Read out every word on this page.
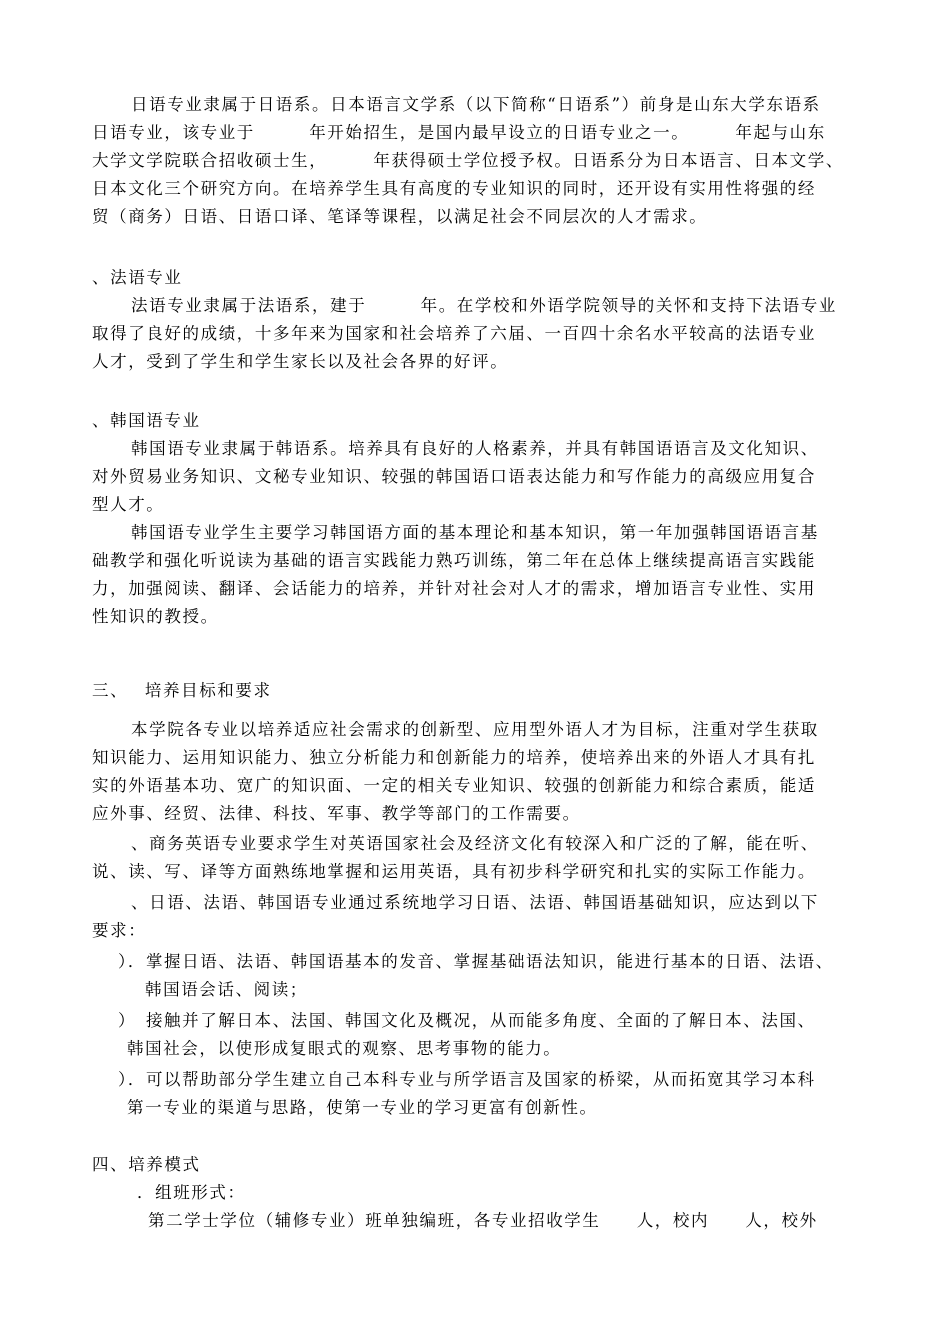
日语专业隶属于日语系。日本语言文学系（以下简称“日语系”）前身是山东大学东语系
日语专业，该专业于　　　年开始招生，是国内最早设立的日语专业之一。　　　年起与山东
大学文学院联合招收硕士生，　　　年获得硕士学位授予权。日语系分为日本语言、日本文学、
日本文化三个研究方向。在培养学生具有高度的专业知识的同时，还开设有实用性将强的经
贸（商务）日语、日语口译、笔译等课程，以满足社会不同层次的人才需求。
、法语专业
法语专业隶属于法语系，建于　　　年。在学校和外语学院领导的关怀和支持下法语专业
取得了良好的成绩，十多年来为国家和社会培养了六届、一百四十余名水平较高的法语专业
人才，受到了学生和学生家长以及社会各界的好评。
、韩国语专业
韩国语专业隶属于韩语系。培养具有良好的人格素养，并具有韩国语语言及文化知识、
对外贸易业务知识、文秘专业知识、较强的韩国语口语表达能力和写作能力的高级应用复合
型人才。
韩国语专业学生主要学习韩国语方面的基本理论和基本知识，第一年加强韩国语语言基
础教学和强化听说读为基础的语言实践能力熟巧训练，第二年在总体上继续提高语言实践能
力，加强阅读、翻译、会话能力的培养，并针对社会对人才的需求，增加语言专业性、实用
性知识的教授。
三、　 培养目标和要求
本学院各专业以培养适应社会需求的创新型、应用型外语人才为目标，注重对学生获取
知识能力、运用知识能力、独立分析能力和创新能力的培养，使培养出来的外语人才具有扎
实的外语基本功、宽广的知识面、一定的相关专业知识、较强的创新能力和综合素质，能适
应外事、经贸、法律、科技、军事、教学等部门的工作需要。
、商务英语专业要求学生对英语国家社会及经济文化有较深入和广泛的了解，能在听、
说、读、写、译等方面熟练地掌握和运用英语，具有初步科学研究和扎实的实际工作能力。
、日语、法语、韩国语专业通过系统地学习日语、法语、韩国语基础知识，应达到以下
要求：
）．掌握日语、法语、韩国语基本的发音、掌握基础语法知识，能进行基本的日语、法语、
韩国语会话、阅读；
）　接触并了解日本、法国、韩国文化及概况，从而能多角度、全面的了解日本、法国、
韩国社会，以使形成复眼式的观察、思考事物的能力。
）．可以帮助部分学生建立自己本科专业与所学语言及国家的桥梁，从而拓宽其学习本科
第一专业的渠道与思路，使第一专业的学习更富有创新性。
四、培养模式
．组班形式：
第二学士学位（辅修专业）班单独编班，各专业招收学生　　人，校内　　人，校外
